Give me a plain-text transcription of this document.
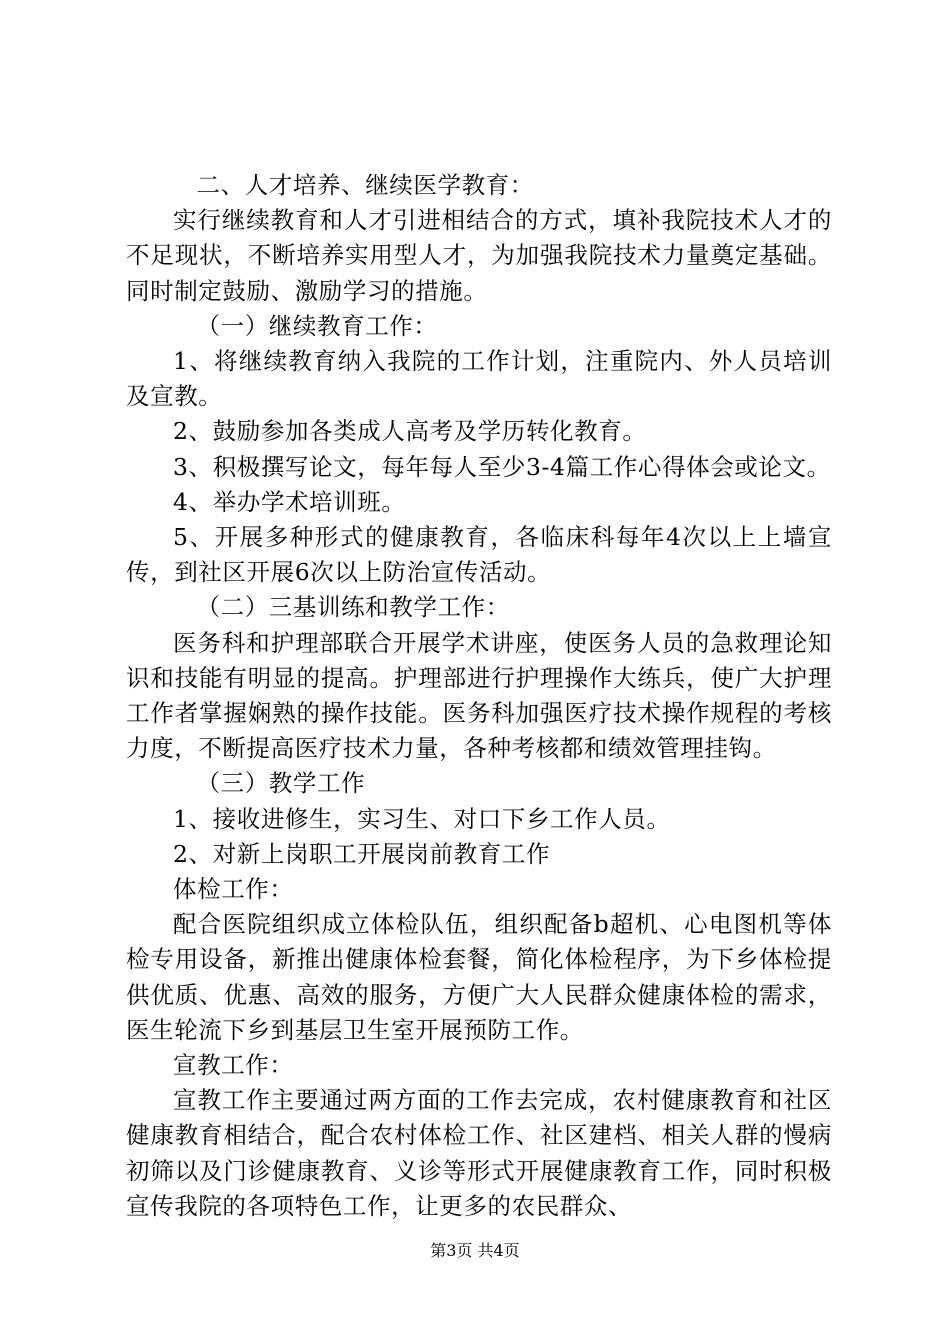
二、人才培养、继续医学教育：

实行继续教育和人才引进相结合的方式，填补我院技术人才的不足现状，不断培养实用型人才，为加强我院技术力量奠定基础。同时制定鼓励、激励学习的措施。

（一）继续教育工作：

1、将继续教育纳入我院的工作计划，注重院内、外人员培训及宣教。

2、鼓励参加各类成人高考及学历转化教育。

3、积极撰写论文，每年每人至少3-4篇工作心得体会或论文。

4、举办学术培训班。

5、开展多种形式的健康教育，各临床科每年4次以上上墙宣传，到社区开展6次以上防治宣传活动。

（二）三基训练和教学工作：

医务科和护理部联合开展学术讲座，使医务人员的急救理论知识和技能有明显的提高。护理部进行护理操作大练兵，使广大护理工作者掌握娴熟的操作技能。医务科加强医疗技术操作规程的考核力度，不断提高医疗技术力量，各种考核都和绩效管理挂钩。

（三）教学工作

1、接收进修生，实习生、对口下乡工作人员。

2、对新上岗职工开展岗前教育工作

体检工作：

配合医院组织成立体检队伍，组织配备b超机、心电图机等体检专用设备，新推出健康体检套餐，简化体检程序，为下乡体检提供优质、优惠、高效的服务，方便广大人民群众健康体检的需求，医生轮流下乡到基层卫生室开展预防工作。

宣教工作：

宣教工作主要通过两方面的工作去完成，农村健康教育和社区健康教育相结合，配合农村体检工作、社区建档、相关人群的慢病初筛以及门诊健康教育、义诊等形式开展健康教育工作，同时积极宣传我院的各项特色工作，让更多的农民群众、

第3页 共4页
